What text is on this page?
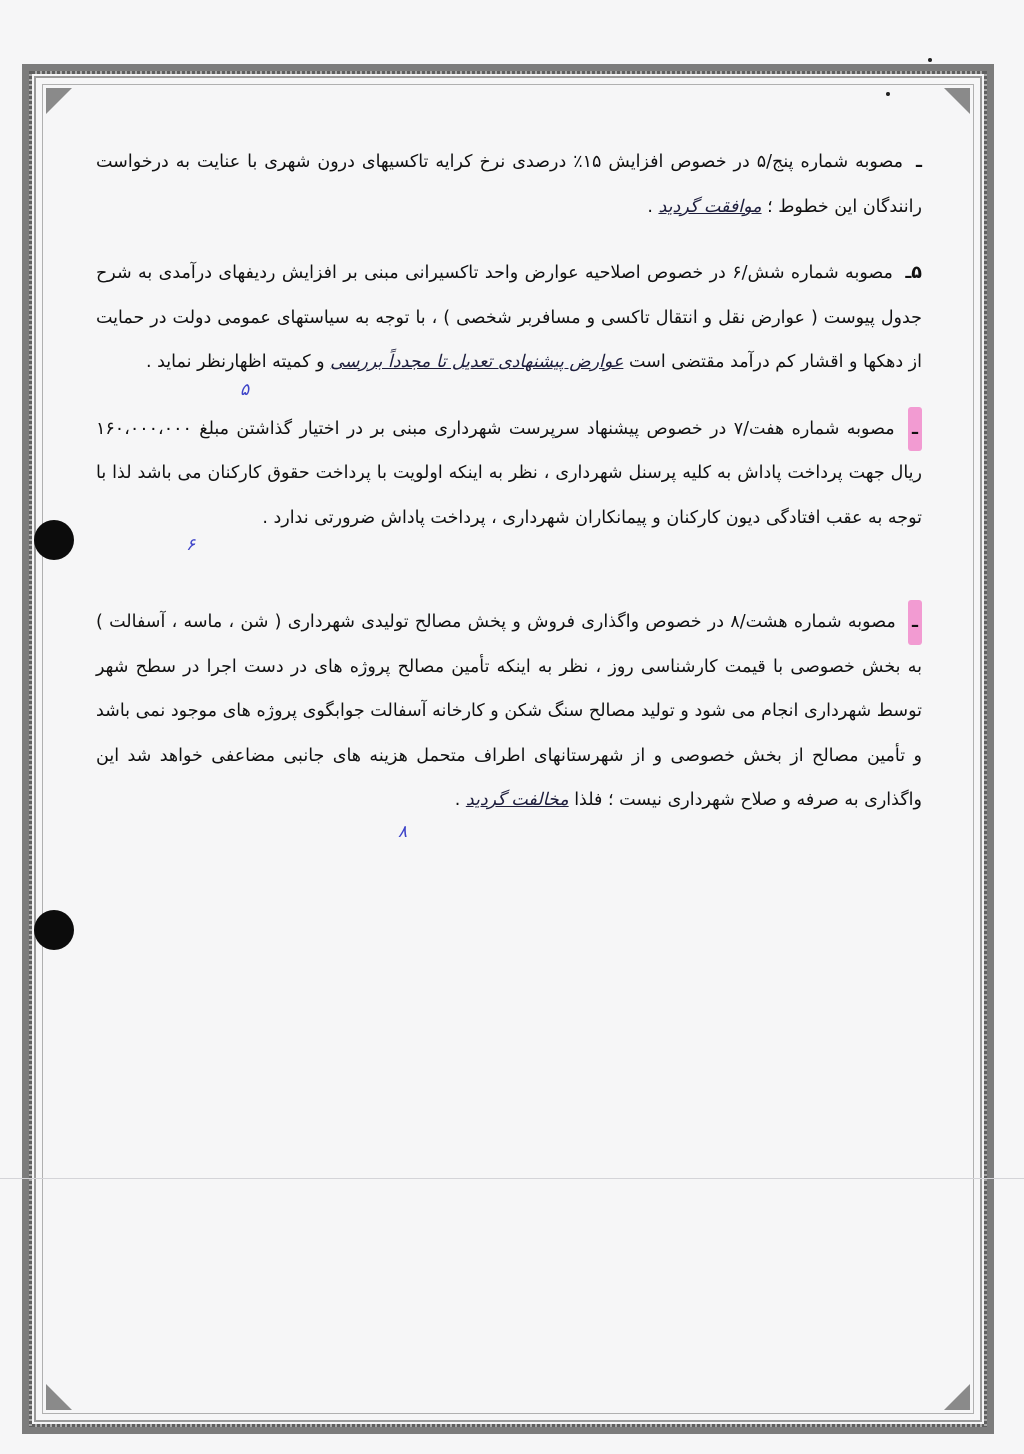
ـ مصوبه شماره پنج/۵ در خصوص افزایش ۱۵٪ درصدی نرخ کرایه تاکسیهای درون شهری با عنایت به درخواست رانندگان این خطوط ؛ موافقت گردید .

۵ـ مصوبه شماره شش/۶ در خصوص اصلاحیه عوارض واحد تاکسیرانی مبنی بر افزایش ردیفهای درآمدی به شرح جدول پیوست ( عوارض نقل و انتقال تاکسی و مسافربر شخصی ) ، با توجه به سیاستهای عمومی دولت در حمایت از دهکها و اقشار کم درآمد مقتضی است عوارض پیشنهادی تعدیل تا مجدداً بررسی و کمیته اظهارنظر نماید .

ـ مصوبه شماره هفت/۷ در خصوص پیشنهاد سرپرست شهرداری مبنی بر در اختیار گذاشتن مبلغ ۱۶۰،۰۰۰،۰۰۰ ریال جهت پرداخت پاداش به کلیه پرسنل شهرداری ، نظر به اینکه اولویت با پرداخت حقوق کارکنان می باشد لذا با توجه به عقب افتادگی دیون کارکنان و پیمانکاران شهرداری ، پرداخت پاداش ضرورتی ندارد .

ـ مصوبه شماره هشت/۸ در خصوص واگذاری فروش و پخش مصالح تولیدی شهرداری ( شن ، ماسه ، آسفالت ) به بخش خصوصی با قیمت کارشناسی روز ، نظر به اینکه تأمین مصالح پروژه های در دست اجرا در سطح شهر توسط شهرداری انجام می شود و تولید مصالح سنگ شکن و کارخانه آسفالت جوابگوی پروژه های موجود نمی باشد و تأمین مصالح از بخش خصوصی و از شهرستانهای اطراف متحمل هزینه های جانبی مضاعفی خواهد شد این واگذاری به صرفه و صلاح شهرداری نیست ؛ فلذا مخالفت گردید .

۵
۶
۸
